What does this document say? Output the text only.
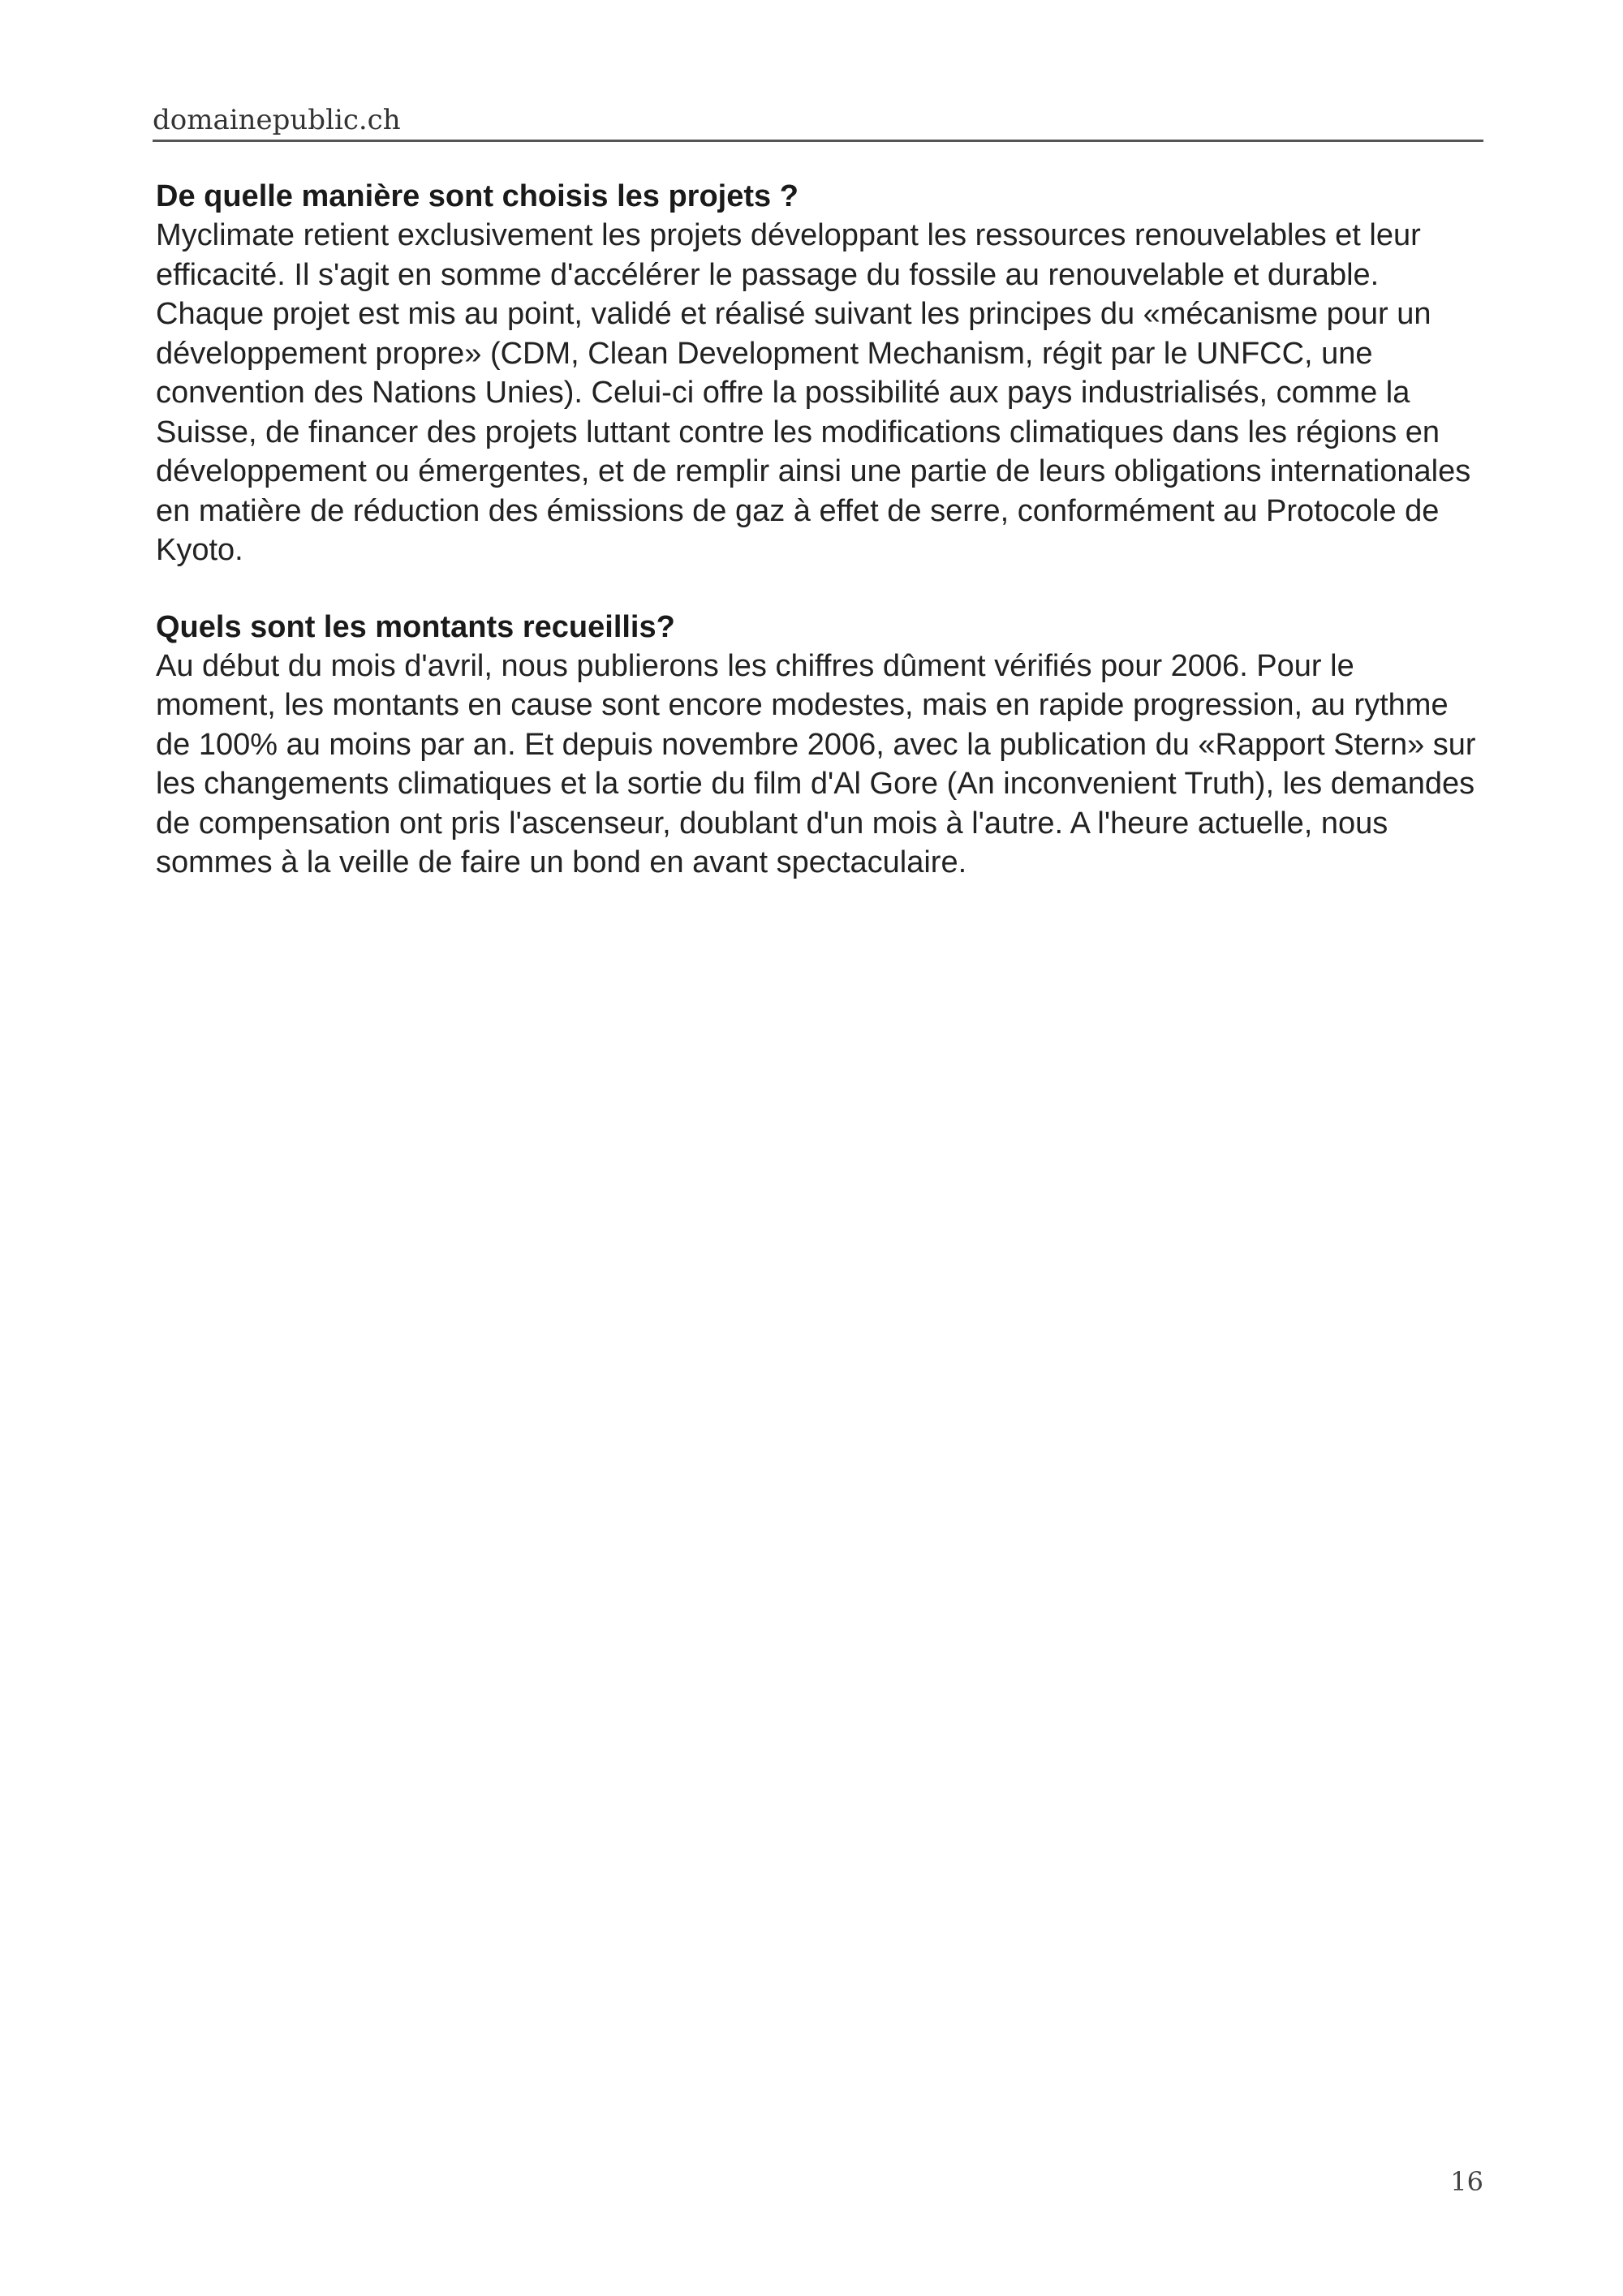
domainepublic.ch
De quelle manière sont choisis les projets ?

Myclimate retient exclusivement les projets développant les ressources renouvelables et leur efficacité. Il s'agit en somme d'accélérer le passage du fossile au renouvelable et durable. Chaque projet est mis au point, validé et réalisé suivant les principes du «mécanisme pour un développement propre» (CDM, Clean Development Mechanism, régit par le UNFCC, une convention des Nations Unies). Celui-ci offre la possibilité aux pays industrialisés, comme la Suisse, de financer des projets luttant contre les modifications climatiques dans les régions en développement ou émergentes, et de remplir ainsi une partie de leurs obligations internationales en matière de réduction des émissions de gaz à effet de serre, conformément au Protocole de Kyoto.

Quels sont les montants recueillis?

Au début du mois d'avril, nous publierons les chiffres dûment vérifiés pour 2006. Pour le moment, les montants en cause sont encore modestes, mais en rapide progression, au rythme de 100% au moins par an. Et depuis novembre 2006, avec la publication du «Rapport Stern» sur les changements climatiques et la sortie du film d'Al Gore (An inconvenient Truth), les demandes de compensation ont pris l'ascenseur, doublant d'un mois à l'autre. A l'heure actuelle, nous sommes à la veille de faire un bond en avant spectaculaire.

16
